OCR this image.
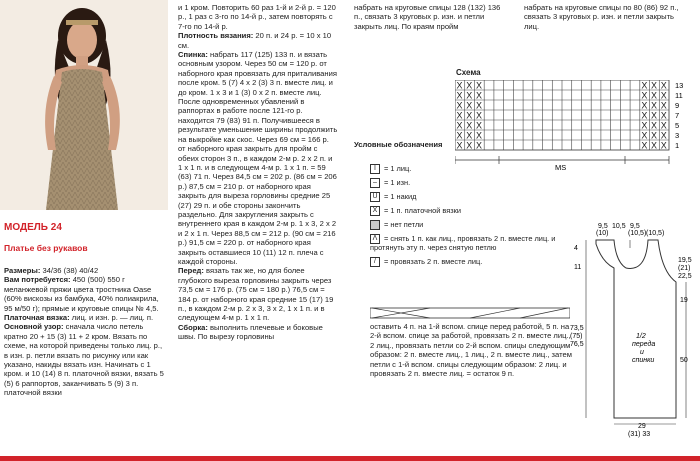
МОДЕЛЬ 24
Платье без рукавов

Размеры: 34/36 (38) 40/42

Вам потребуется: 450 (500) 550 г меланжевой пряжи цвета тростника Oase (60% вискозы из бамбука, 40% полиакрила, 95 м/50 г); прямые и круговые спицы № 4,5.

Платочная вязка: лиц. и изн. р. — лиц. п.

Основной узор: сначала число петель кратно 20 + 15 (3) 11 + 2 кром. Вязать по схеме, на которой приведены только лиц. р., в изн. р. петли вязать по рисунку или как указано, накиды вязать изн. Начинать с 1 кром. и 10 (14) 8 п. платочной вязки, вязать 5 (5) 6 раппортов, заканчивать 5 (9) 3 п. платочной вязки

и 1 кром. Повторить 60 раз 1-й и 2-й р. = 120 р., 1 раз с 3-го по 14-й р., затем повторять с 7-го по 14-й р.

Плотность вязания: 20 п. и 24 р. = 10 х 10 см.

Спинка: набрать 117 (125) 133 п. и вязать основным узором. Через 50 см = 120 р. от наборного края провязать для приталивания после кром. 5 (7) 4 х 2 (3) 3 п. вместе лиц. и до кром. 1 х 3 и 1 (3) 0 х 2 п. вместе лиц. После одновременных убавлений в раппортах в работе после 121-го р. находится 79 (83) 91 п. Получившееся в результате уменьшение ширины продолжить на выкройке как скос. Через 69 см = 166 р. от наборного края закрыть для пройм с обеих сторон 3 п., в каждом 2-м р. 2 х 2 п. и 1 х 1 п. и в следующем 4-м р. 1 х 1 п. = 59 (63) 71 п. Через 84,5 см = 202 р. (86 см = 206 р.) 87,5 см = 210 р. от наборного края закрыть для выреза горловины средние 25 (27) 29 п. и обе стороны закончить раздельно. Для закругления закрыть с внутреннего края в каждом 2-м р. 1 х 3, 2 х 2 и 2 х 1 п. Через 88,5 см = 212 р. (90 см = 216 р.) 91,5 см = 220 р. от наборного края закрыть оставшиеся 10 (11) 12 п. плеча с каждой стороны.

Перед: вязать так же, но для более глубокого выреза горловины закрыть через 73,5 см = 176 р. (75 см = 180 р.) 76,5 см = 184 р. от наборного края средние 15 (17) 19 п., в каждом 2-м р. 2 х 3, 3 х 2, 1 х 1 п. и в следующем 4-м р. 1 х 1 п.

Сборка: выполнить плечевые и боковые швы. По вырезу горловины

набрать на круговые спицы 128 (132) 136 п., связать 3 круговых р. изн. и петли закрыть лиц. По краям пройм
набрать на круговые спицы по 80 (86) 92 п., связать 3 круговых р. изн. и петли закрыть лиц.
Схема
X X X	X X X
X X X	X X X
X X X	X X X
X X X	X X X
X X X	X X X
X X X	X X X
X X X	X X X
MS
13
11
9
7
5
3
1
Условные обозначения
I = 1 лиц.
– = 1 изн.
U = 1 накид
X = 1 п. платочной вязки
= нет петли
Λ = снять 1 п. как лиц., провязать 2 п. вместе лиц. и протянуть эту п. через снятую петлю
/ = провязать 2 п. вместе лиц.
оставить 4 п. на 1-й вспом. спице перед работой, 5 п. на 2-й вспом. спице за работой, провязать 2 п. вместе лиц., 2 лиц., провязать петли со 2-й вспом. спицы следующим образом: 2 п. вместе лиц., 1 лиц., 2 п. вместе лиц., затем петли с 1-й вспом. спицы следующим образом: 2 лиц. и провязать 2 п. вместе лиц. = остаток 9 п.
9,5
(10)
10,5 9,5
(10,5) (10,5)
4
11
19,5
(21)
22,5
19
73,5
(75)
76,5
1/2
переда
и
спинки	50
29
(31) 33
